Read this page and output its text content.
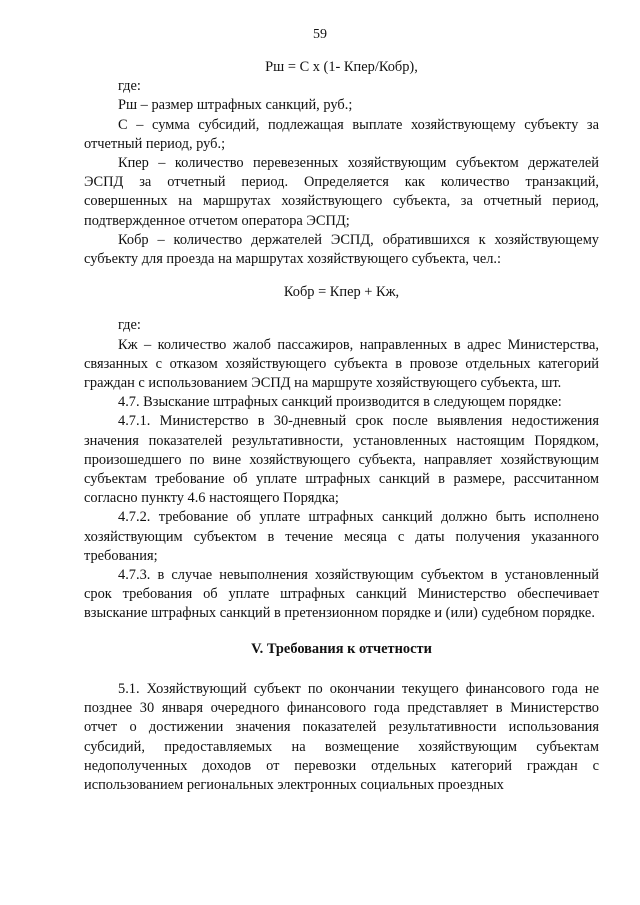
59

Рш = С х (1- Кпер/Кобр),

где:

Рш – размер штрафных санкций, руб.;

С – сумма субсидий, подлежащая выплате хозяйствующему субъекту за отчетный период, руб.;

Кпер – количество перевезенных хозяйствующим субъектом держателей ЭСПД за отчетный период. Определяется как количество транзакций, совершенных на маршрутах хозяйствующего субъекта, за отчетный период, подтвержденное отчетом оператора ЭСПД;

Кобр – количество держателей ЭСПД, обратившихся к хозяйствующему субъекту для проезда на маршрутах хозяйствующего субъекта, чел.:

Кобр = Кпер + Кж,

где:

Кж – количество жалоб пассажиров, направленных в адрес Министерства, связанных с отказом хозяйствующего субъекта в провозе отдельных категорий граждан с использованием ЭСПД на маршруте хозяйствующего субъекта, шт.

4.7. Взыскание штрафных санкций производится в следующем порядке:

4.7.1. Министерство в 30-дневный срок после выявления недостижения значения показателей результативности, установленных настоящим Порядком, произошедшего по вине хозяйствующего субъекта, направляет хозяйствующим субъектам требование об уплате штрафных санкций в размере, рассчитанном согласно пункту 4.6 настоящего Порядка;

4.7.2. требование об уплате штрафных санкций должно быть исполнено хозяйствующим субъектом в течение месяца с даты получения указанного требования;

4.7.3. в случае невыполнения хозяйствующим субъектом в установленный срок требования об уплате штрафных санкций Министерство обеспечивает взыскание штрафных санкций в претензионном порядке и (или) судебном порядке.

V. Требования к отчетности

5.1. Хозяйствующий субъект по окончании текущего финансового года не позднее 30 января очередного финансового года представляет в Министерство отчет о достижении значения показателей результативности использования субсидий, предоставляемых на возмещение хозяйствующим субъектам недополученных доходов от перевозки отдельных категорий граждан с использованием региональных электронных социальных проездных
